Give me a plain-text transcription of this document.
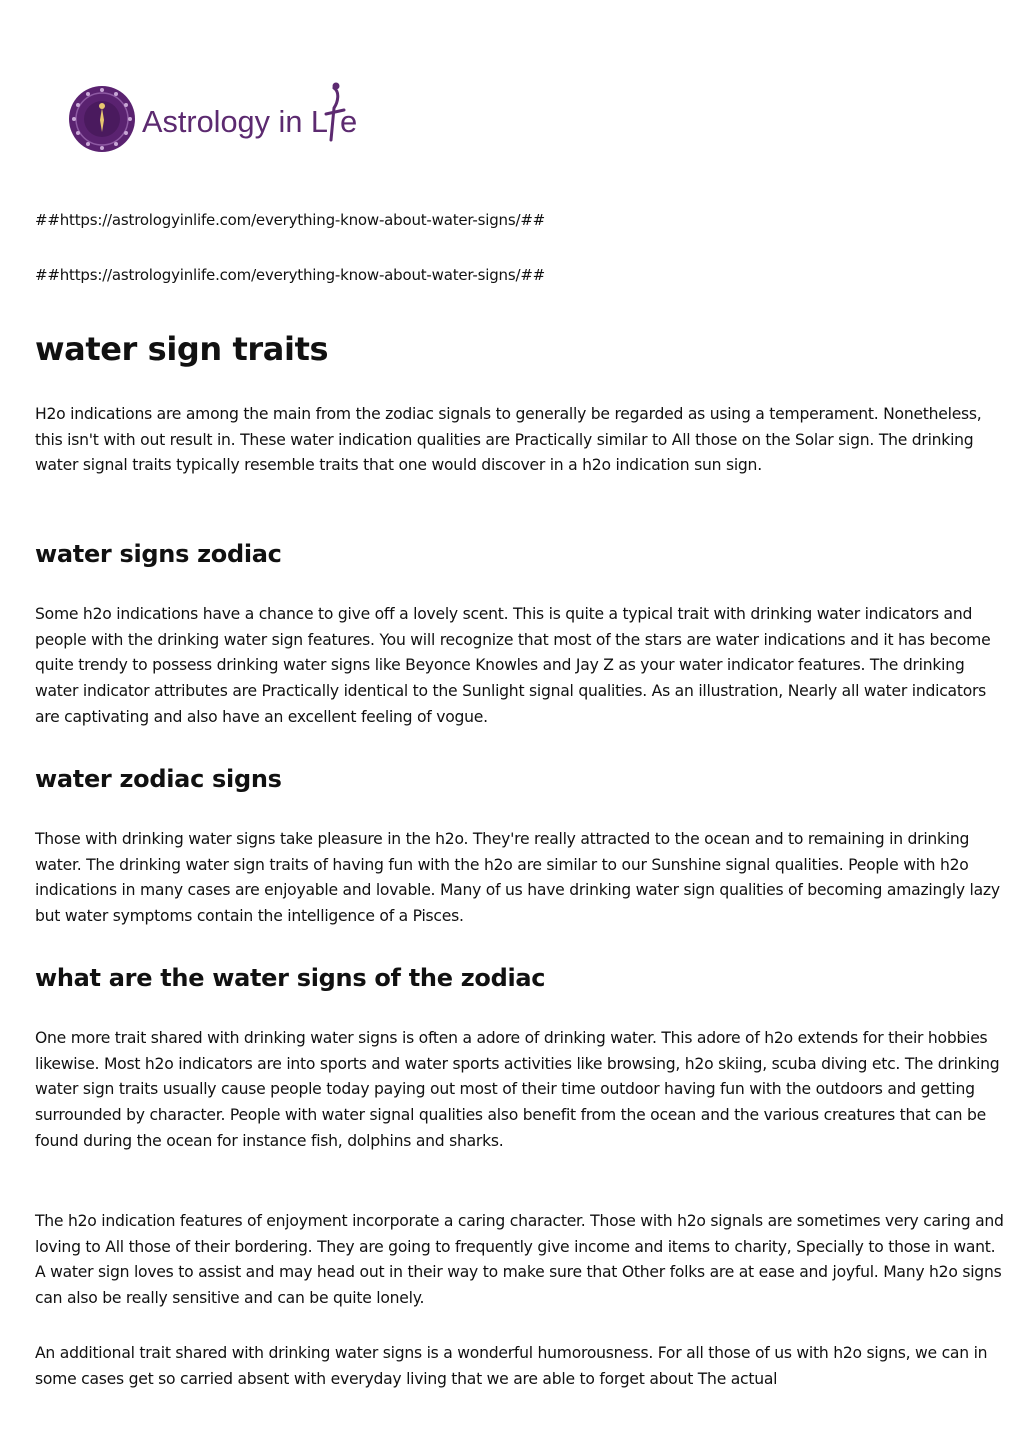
Astrology in L e
##https://astrologyinlife.com/everything-know-about-water-signs/##
##https://astrologyinlife.com/everything-know-about-water-signs/##
water sign traits

H2o indications are among the main from the zodiac signals to generally be regarded as using a temperament. Nonetheless, this isn't with out result in. These water indication qualities are Practically similar to All those on the Solar sign. The drinking water signal traits typically resemble traits that one would discover in a h2o indication sun sign.

water signs zodiac

Some h2o indications have a chance to give off a lovely scent. This is quite a typical trait with drinking water indicators and people with the drinking water sign features. You will recognize that most of the stars are water indications and it has become quite trendy to possess drinking water signs like Beyonce Knowles and Jay Z as your water indicator features. The drinking water indicator attributes are Practically identical to the Sunlight signal qualities. As an illustration, Nearly all water indicators are captivating and also have an excellent feeling of vogue.

water zodiac signs

Those with drinking water signs take pleasure in the h2o. They're really attracted to the ocean and to remaining in drinking water. The drinking water sign traits of having fun with the h2o are similar to our Sunshine signal qualities. People with h2o indications in many cases are enjoyable and lovable. Many of us have drinking water sign qualities of becoming amazingly lazy but water symptoms contain the intelligence of a Pisces.

what are the water signs of the zodiac

One more trait shared with drinking water signs is often a adore of drinking water. This adore of h2o extends for their hobbies likewise. Most h2o indicators are into sports and water sports activities like browsing, h2o skiing, scuba diving etc. The drinking water sign traits usually cause people today paying out most of their time outdoor having fun with the outdoors and getting surrounded by character. People with water signal qualities also benefit from the ocean and the various creatures that can be found during the ocean for instance fish, dolphins and sharks.

The h2o indication features of enjoyment incorporate a caring character. Those with h2o signals are sometimes very caring and loving to All those of their bordering. They are going to frequently give income and items to charity, Specially to those in want. A water sign loves to assist and may head out in their way to make sure that Other folks are at ease and joyful. Many h2o signs can also be really sensitive and can be quite lonely.

An additional trait shared with drinking water signs is a wonderful humorousness. For all those of us with h2o signs, we can in some cases get so carried absent with everyday living that we are able to forget about The actual
